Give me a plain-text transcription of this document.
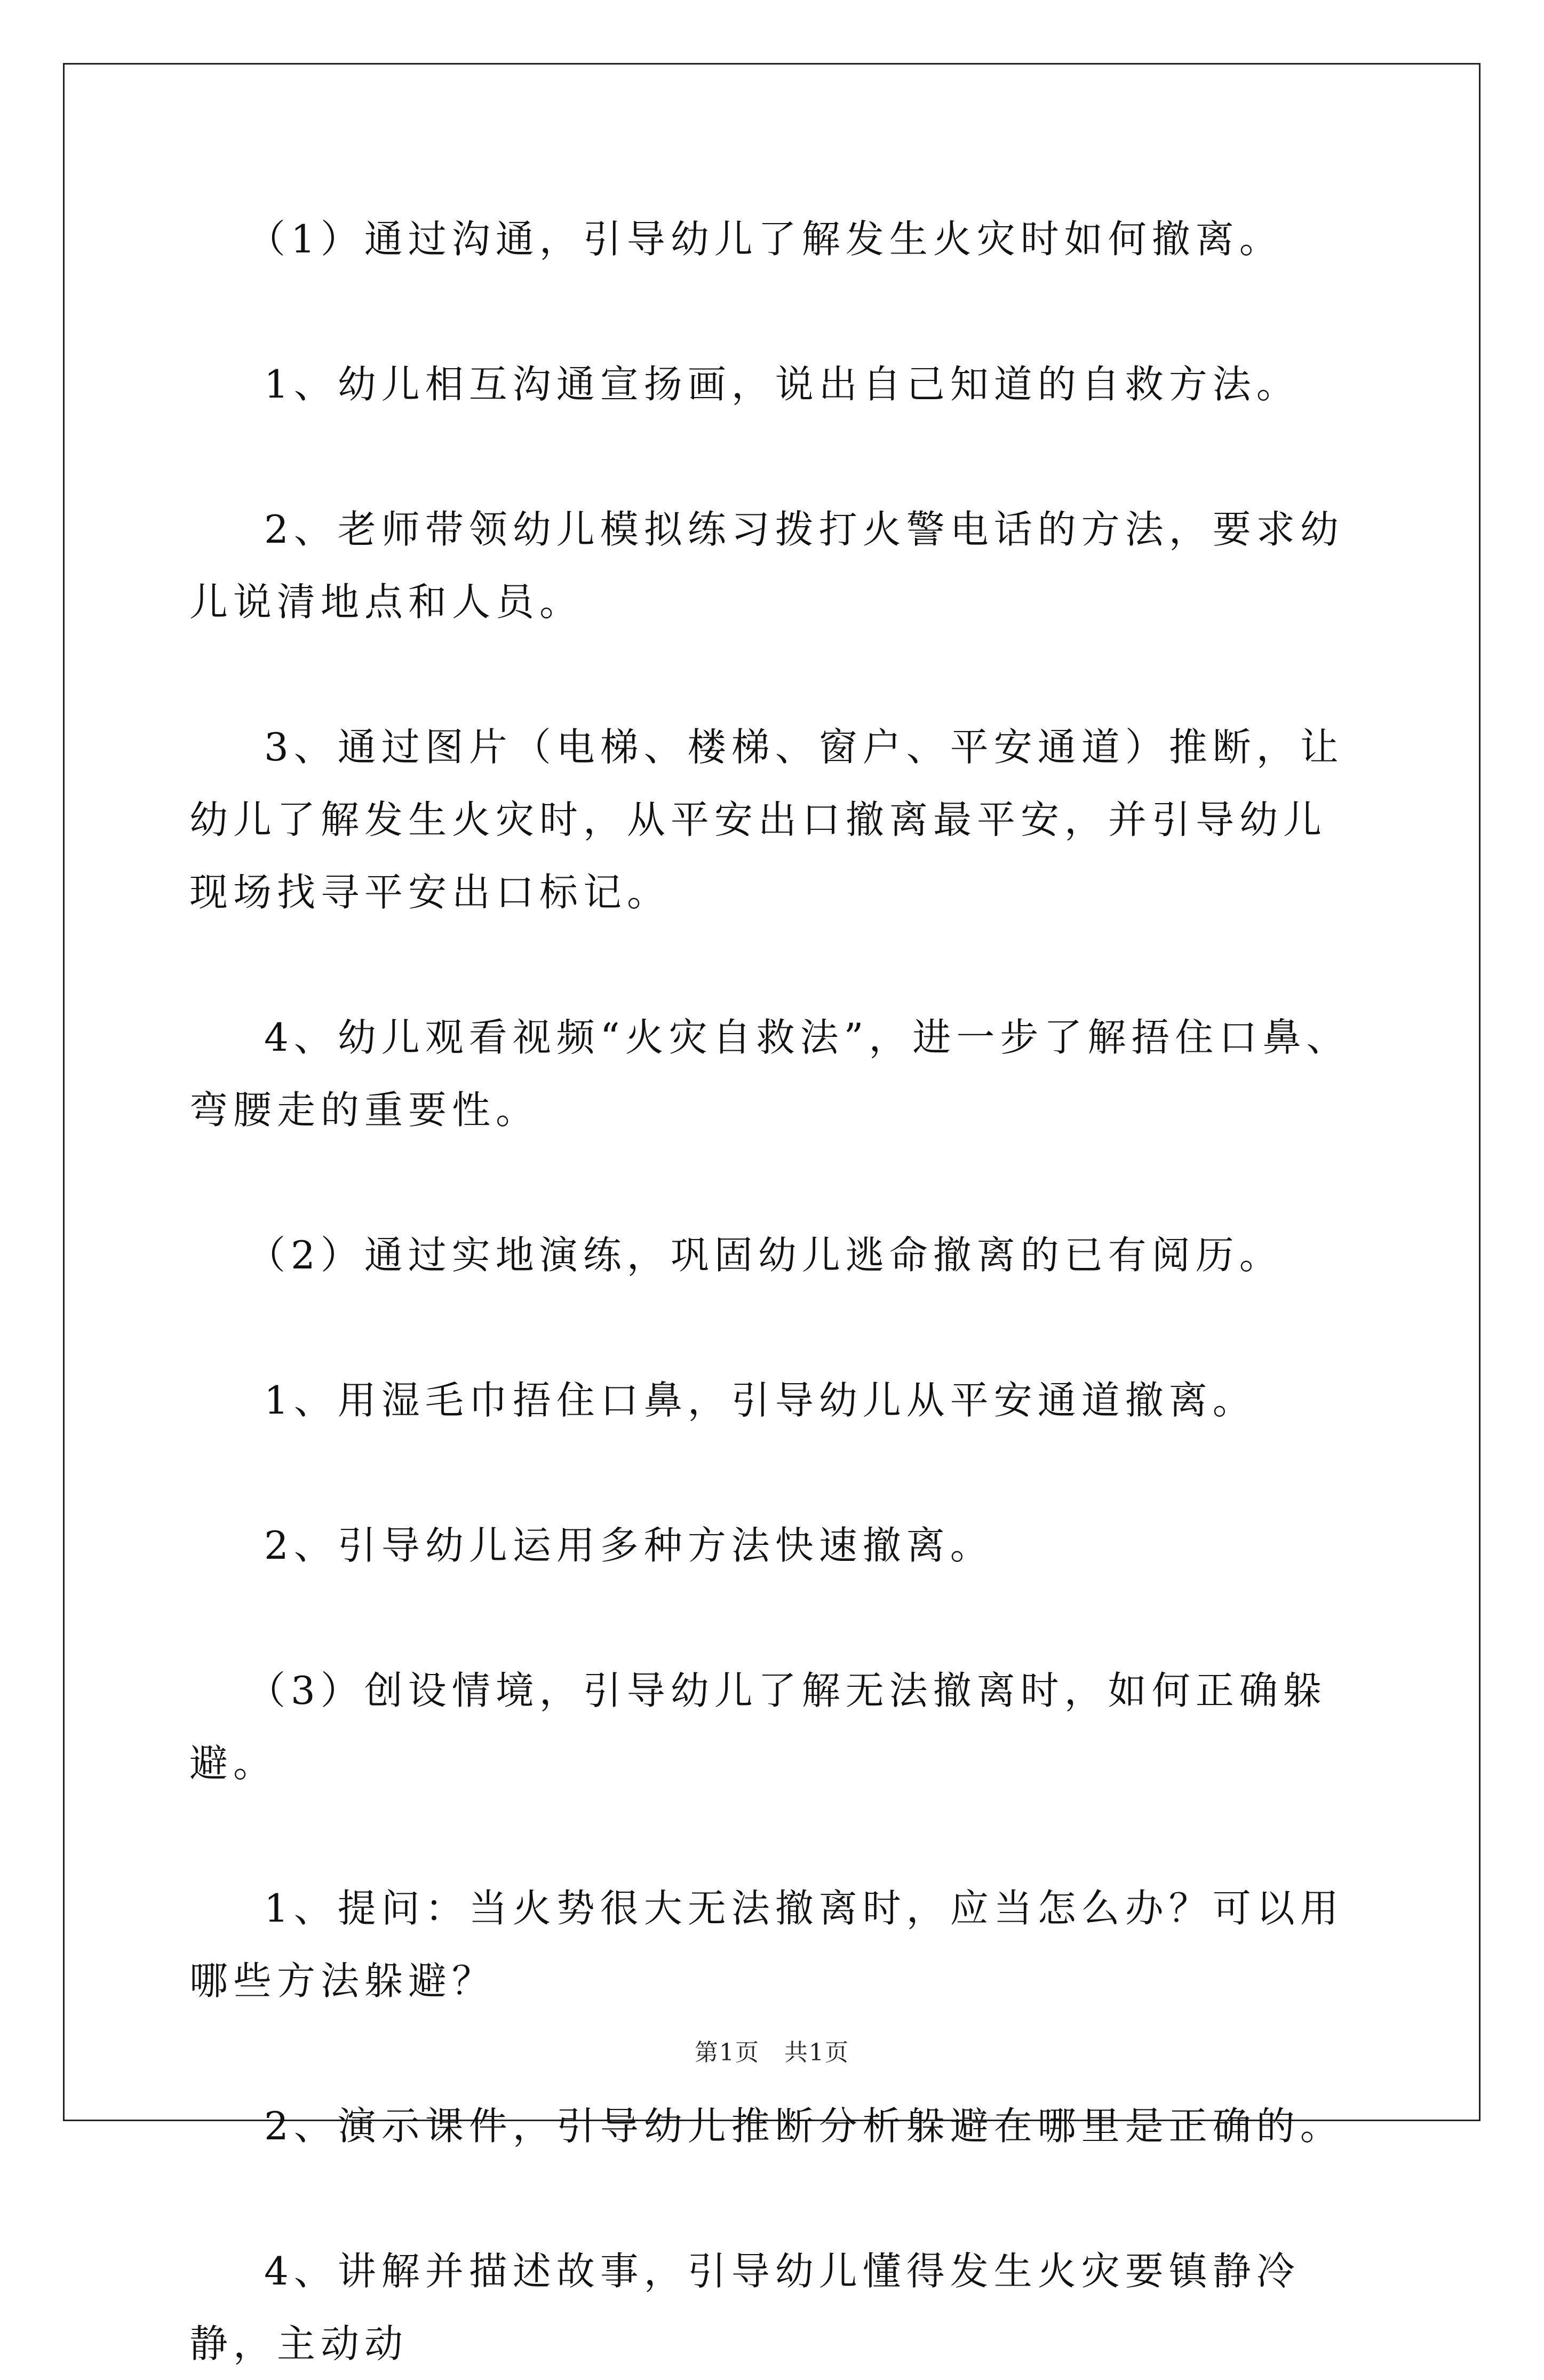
（1）通过沟通，引导幼儿了解发生火灾时如何撤离。

1、幼儿相互沟通宣扬画，说出自己知道的自救方法。

2、老师带领幼儿模拟练习拨打火警电话的方法，要求幼儿说清地点和人员。

3、通过图片（电梯、楼梯、窗户、平安通道）推断，让幼儿了解发生火灾时，从平安出口撤离最平安，并引导幼儿现场找寻平安出口标记。

4、幼儿观看视频“火灾自救法”，进一步了解捂住口鼻、弯腰走的重要性。

（2）通过实地演练，巩固幼儿逃命撤离的已有阅历。

1、用湿毛巾捂住口鼻，引导幼儿从平安通道撤离。

2、引导幼儿运用多种方法快速撤离。

（3）创设情境，引导幼儿了解无法撤离时，如何正确躲避。

1、提问：当火势很大无法撤离时，应当怎么办？可以用哪些方法躲避？

2、演示课件，引导幼儿推断分析躲避在哪里是正确的。

4、讲解并描述故事，引导幼儿懂得发生火灾要镇静冷静，主动动

第1页　共1页
